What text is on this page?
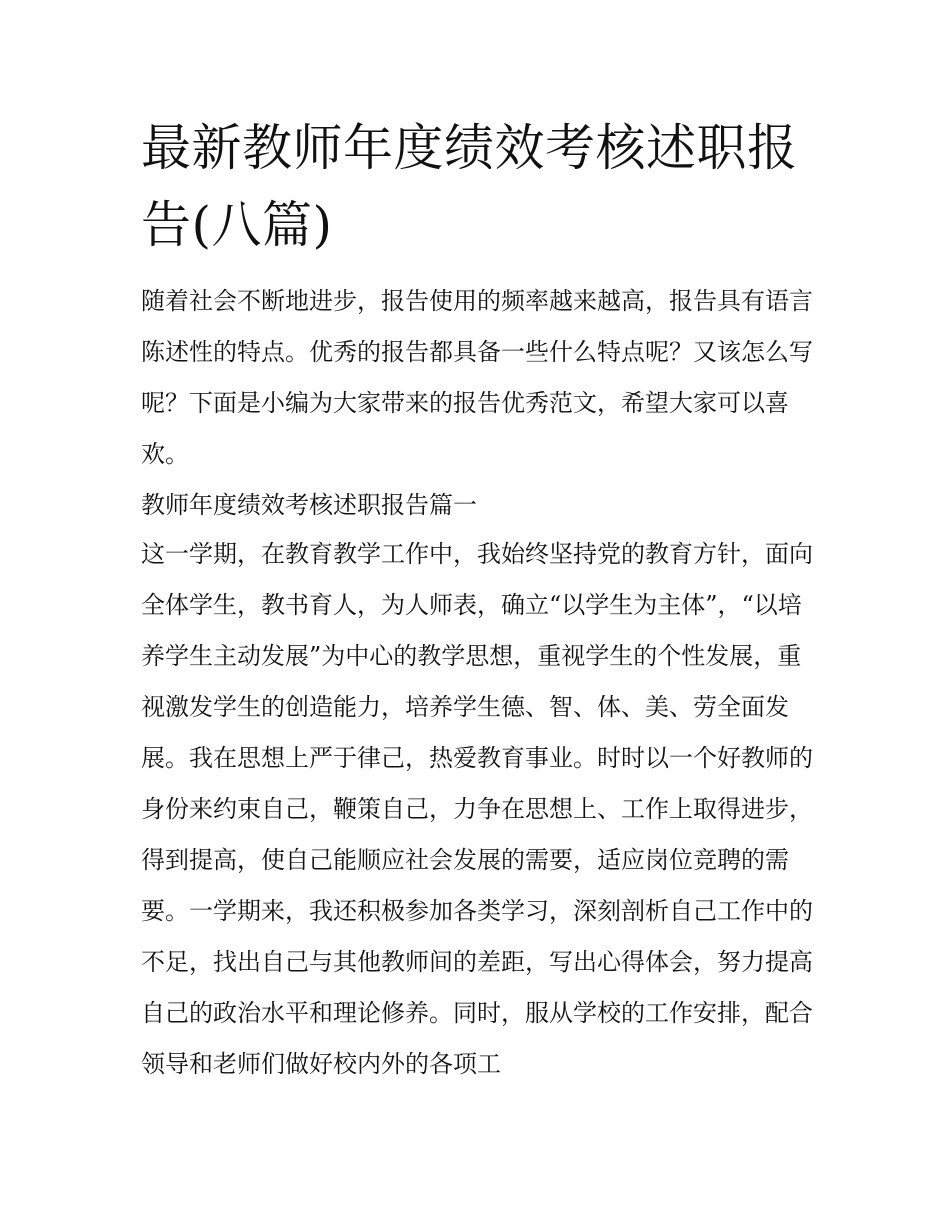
最新教师年度绩效考核述职报告(八篇)

随着社会不断地进步，报告使用的频率越来越高，报告具有语言陈述性的特点。优秀的报告都具备一些什么特点呢？又该怎么写呢？下面是小编为大家带来的报告优秀范文，希望大家可以喜欢。

教师年度绩效考核述职报告篇一

这一学期，在教育教学工作中，我始终坚持党的教育方针，面向全体学生，教书育人，为人师表，确立“以学生为主体”，“以培养学生主动发展”为中心的教学思想，重视学生的个性发展，重视激发学生的创造能力，培养学生德、智、体、美、劳全面发展。我在思想上严于律己，热爱教育事业。时时以一个好教师的身份来约束自己，鞭策自己，力争在思想上、工作上取得进步，得到提高，使自己能顺应社会发展的需要，适应岗位竞聘的需要。一学期来，我还积极参加各类学习，深刻剖析自己工作中的不足，找出自己与其他教师间的差距，写出心得体会，努力提高自己的政治水平和理论修养。同时，服从学校的工作安排，配合领导和老师们做好校内外的各项工
